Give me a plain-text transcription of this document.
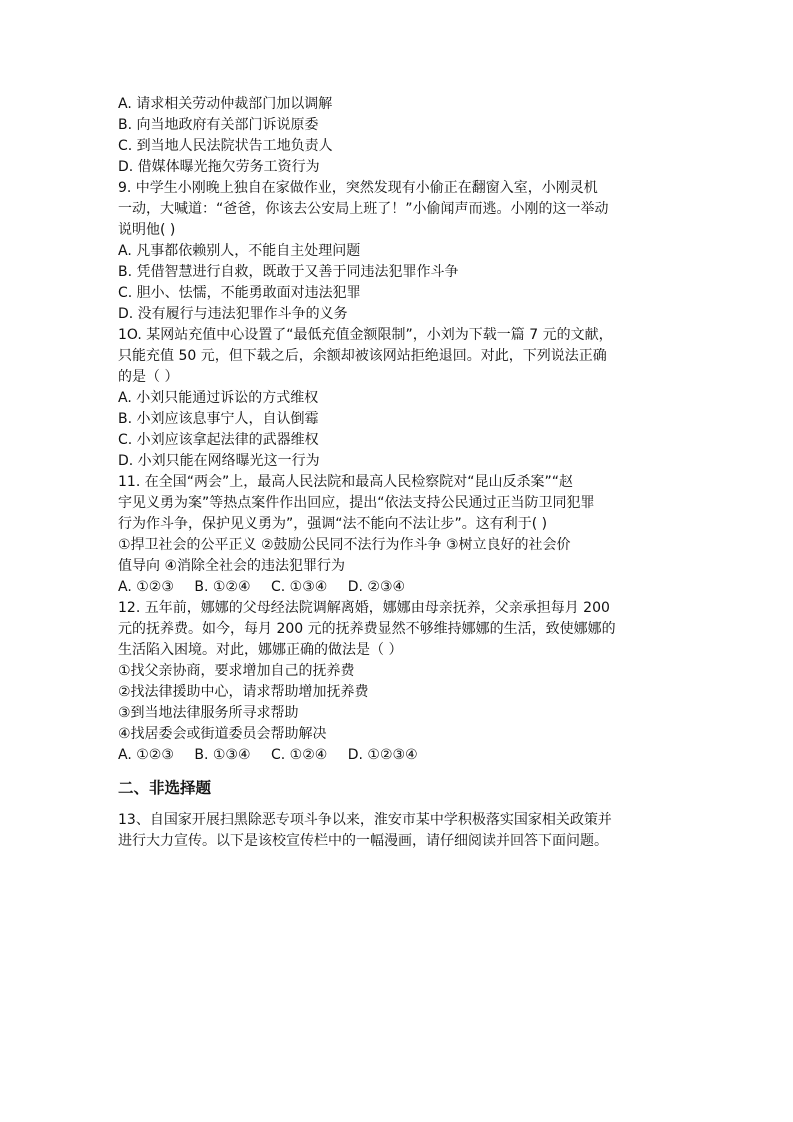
A. 请求相关劳动仲裁部门加以调解
B. 向当地政府有关部门诉说原委
C. 到当地人民法院状告工地负责人
D. 借媒体曝光拖欠劳务工资行为
9. 中学生小刚晚上独自在家做作业，突然发现有小偷正在翻窗入室，小刚灵机
一动，大喊道：“爸爸，你该去公安局上班了！”小偷闻声而逃。小刚的这一举动
说明他( )
A. 凡事都依赖别人，不能自主处理问题
B. 凭借智慧进行自救，既敢于又善于同违法犯罪作斗争
C. 胆小、怯懦，不能勇敢面对违法犯罪
D. 没有履行与违法犯罪作斗争的义务
1O. 某网站充值中心设置了“最低充值金额限制”，小刘为下载一篇 7 元的文献，
只能充值 50 元，但下载之后，余额却被该网站拒绝退回。对此，下列说法正确
的是（ ）
A. 小刘只能通过诉讼的方式维权
B. 小刘应该息事宁人，自认倒霉
C. 小刘应该拿起法律的武器维权
D. 小刘只能在网络曝光这一行为
11. 在全国“两会”上，最高人民法院和最高人民检察院对“昆山反杀案”“赵
宇见义勇为案”等热点案件作出回应，提出“依法支持公民通过正当防卫同犯罪
行为作斗争，保护见义勇为”，强调“法不能向不法让步”。这有利于( )
①捍卫社会的公平正义 ②鼓励公民同不法行为作斗争 ③树立良好的社会价
值导向 ④消除全社会的违法犯罪行为
A. ①②③ B. ①②④ C. ①③④ D. ②③④
12. 五年前，娜娜的父母经法院调解离婚，娜娜由母亲抚养，父亲承担每月 200
元的抚养费。如今，每月 200 元的抚养费显然不够维持娜娜的生活，致使娜娜的
生活陷入困境。对此，娜娜正确的做法是（ ）
①找父亲协商，要求增加自己的抚养费
②找法律援助中心，请求帮助增加抚养费
③到当地法律服务所寻求帮助
④找居委会或街道委员会帮助解决
A. ①②③ B. ①③④ C. ①②④ D. ①②③④
二、非选择题
13、自国家开展扫黑除恶专项斗争以来，淮安市某中学积极落实国家相关政策并
进行大力宣传。以下是该校宣传栏中的一幅漫画，请仔细阅读并回答下面问题。
